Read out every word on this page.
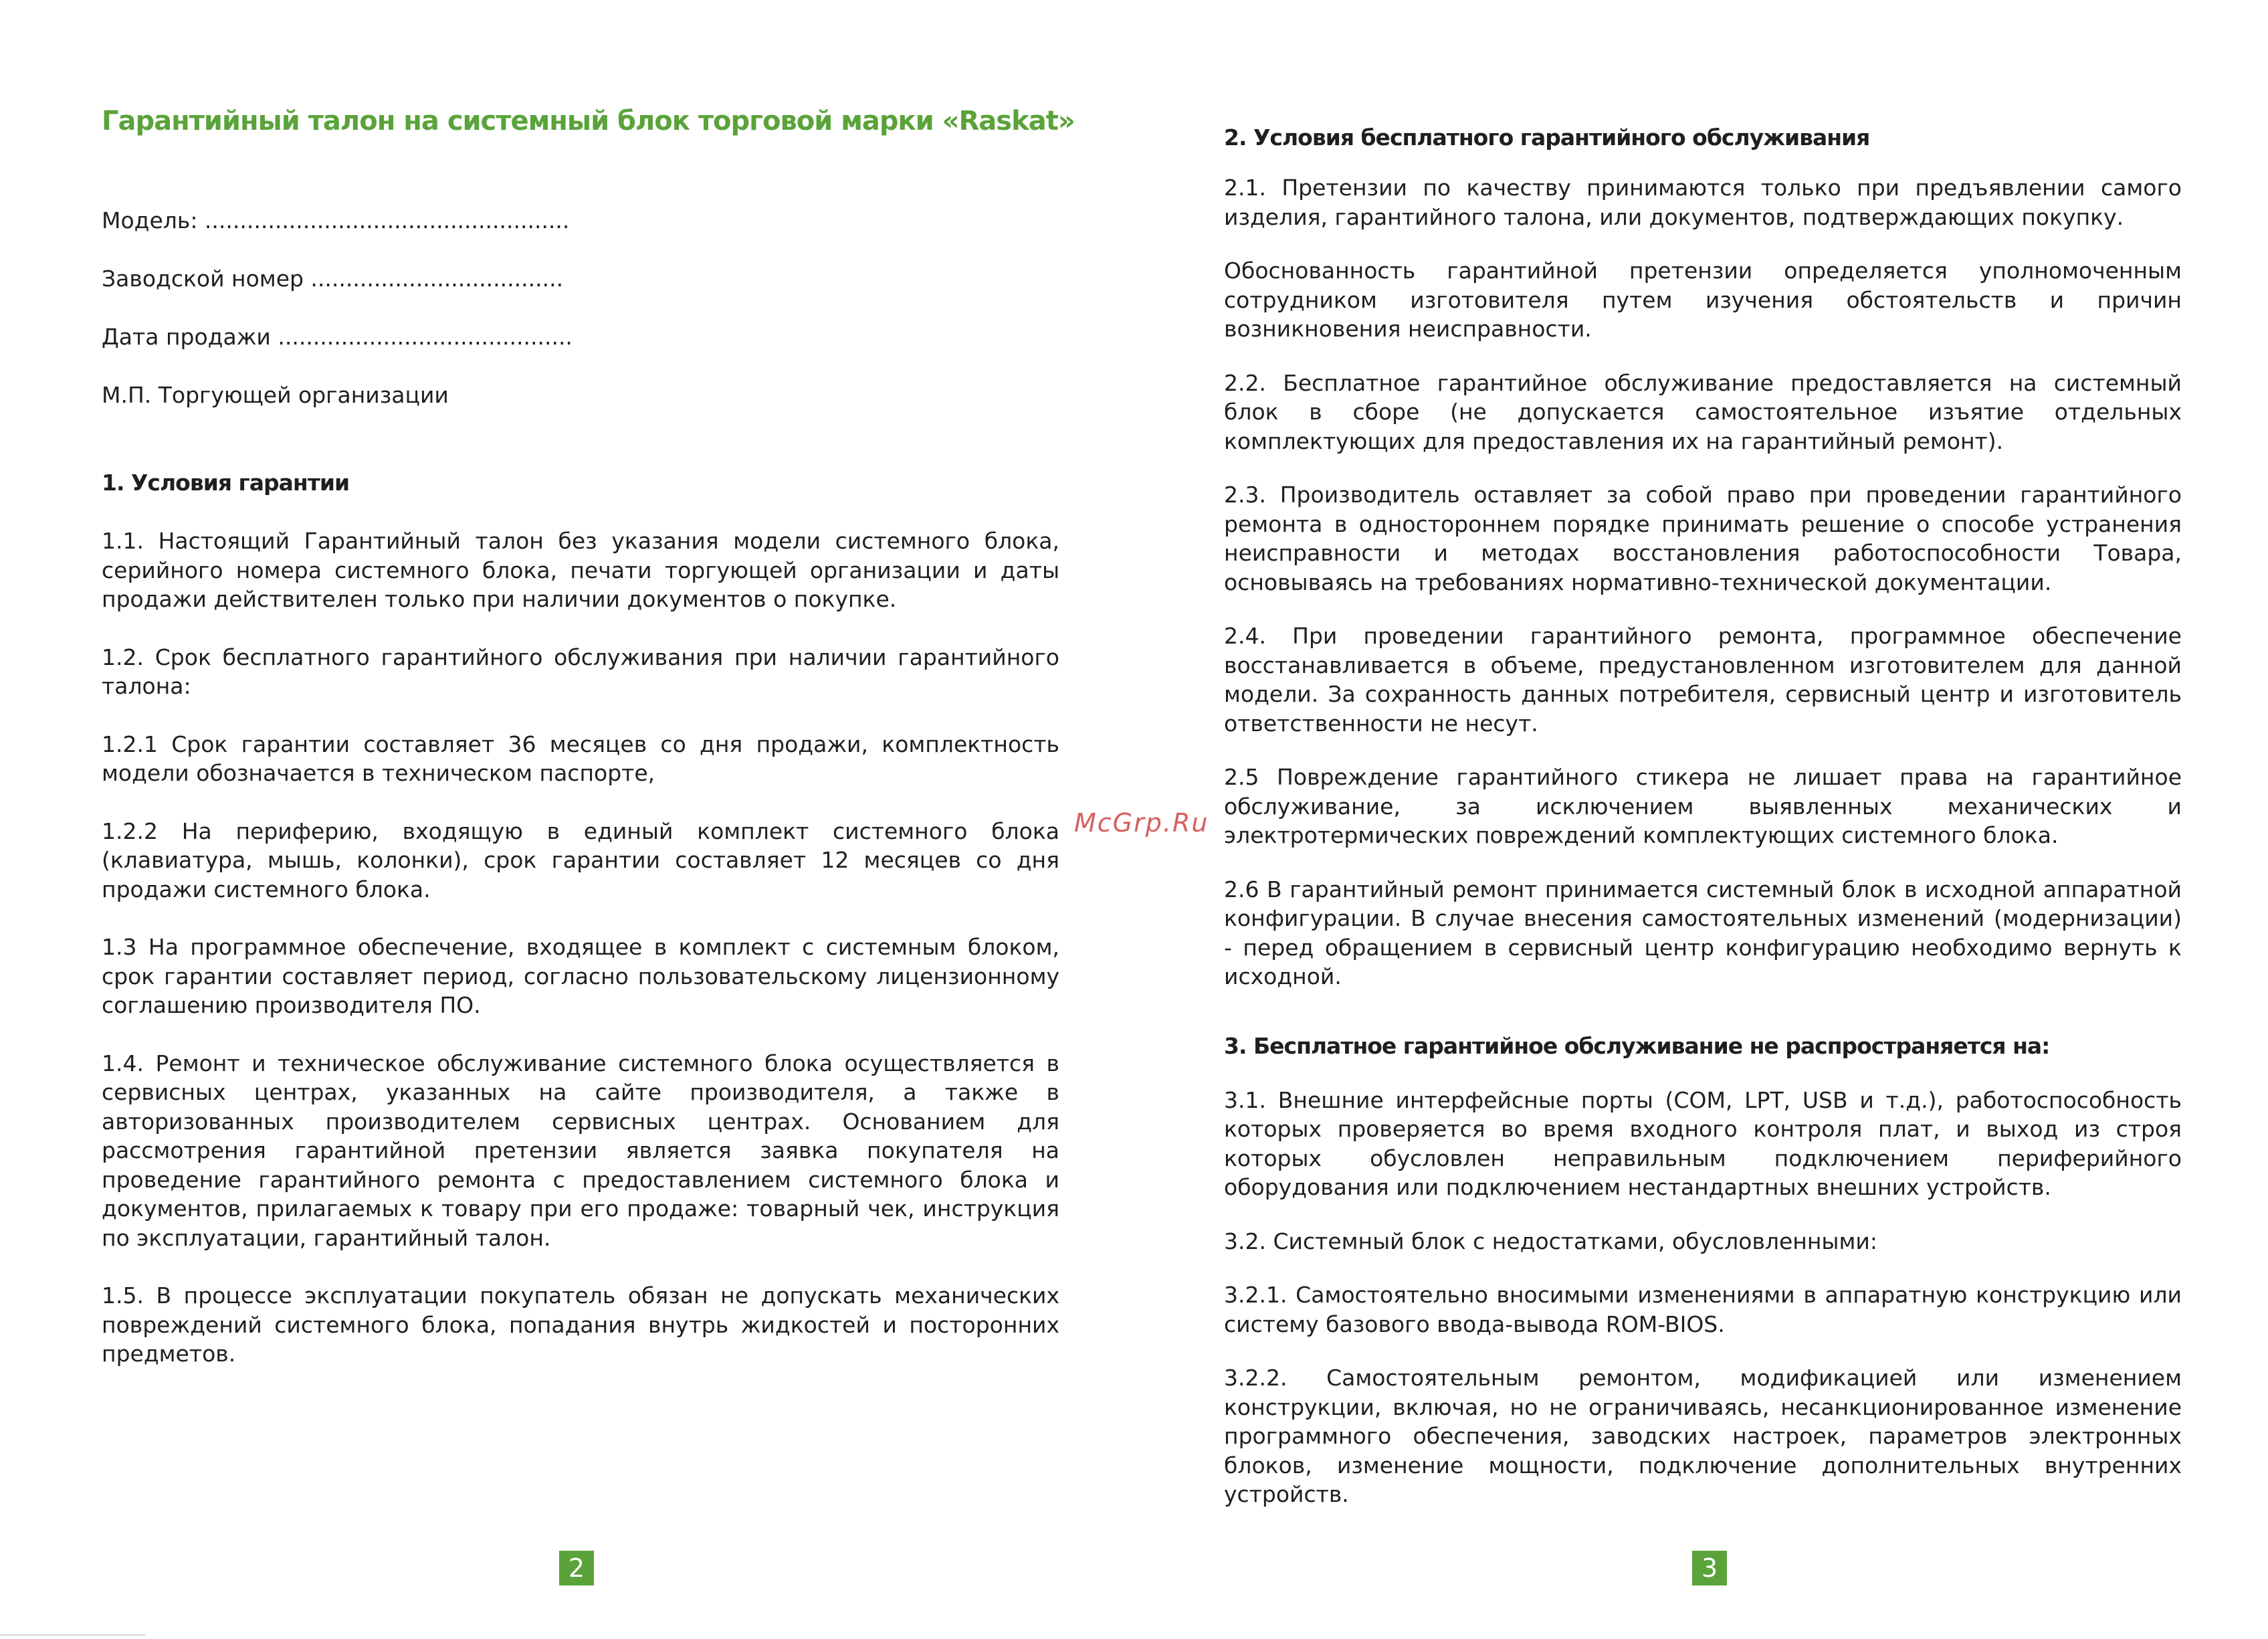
Гарантийный талон на системный блок торговой марки «Raskat»
Модель: ....................................................
Заводской номер ....................................
Дата продажи ..........................................
М.П. Торгующей организации

1. Условия гарантии

1.1. Настоящий Гарантийный талон без указания модели системного блока, серийного номера системного блока, печати торгующей организации и даты продажи действителен только при наличии документов о покупке.

1.2. Срок бесплатного гарантийного обслуживания при наличии гарантийного талона:

1.2.1 Срок гарантии составляет 36 месяцев со дня продажи, комплектность модели обозначается в техническом паспорте,

1.2.2 На периферию, входящую в единый комплект системного блока (клавиатура, мышь, колонки), срок гарантии составляет 12 месяцев со дня продажи системного блока.

1.3 На программное обеспечение, входящее в комплект с системным блоком, срок гарантии составляет период, согласно пользовательскому лицензионному соглашению производителя ПО.

1.4. Ремонт и техническое обслуживание системного блока осуществляется в сервисных центрах, указанных на сайте производителя, а также в авторизованных производителем сервисных центрах. Основанием для рассмотрения гарантийной претензии является заявка покупателя на проведение гарантийного ремонта с предоставлением системного блока и документов, прилагаемых к товару при его продаже: товарный чек, инструкция по эксплуатации, гарантийный талон.

1.5. В процессе эксплуатации покупатель обязан не допускать механических повреждений системного блока, попадания внутрь жидкостей и посторонних предметов.

2
McGrp.Ru

2. Условия бесплатного гарантийного обслуживания

2.1. Претензии по качеству принимаются только при предъявлении самого изделия, гарантийного талона, или документов, подтверждающих покупку.

Обоснованность гарантийной претензии определяется уполномоченным сотрудником изготовителя путем изучения обстоятельств и причин возникновения неисправности.

2.2. Бесплатное гарантийное обслуживание предоставляется на системный блок в сборе (не допускается самостоятельное изъятие отдельных комплектующих для предоставления их на гарантийный ремонт).

2.3. Производитель оставляет за собой право при проведении гарантийного ремонта в одностороннем порядке принимать решение о способе устранения неисправности и методах восстановления работоспособности Товара, основываясь на требованиях нормативно-технической документации.

2.4. При проведении гарантийного ремонта, программное обеспечение восстанавливается в объеме, предустановленном изготовителем для данной модели. За сохранность данных потребителя, сервисный центр и изготовитель ответственности не несут.

2.5 Повреждение гарантийного стикера не лишает права на гарантийное обслуживание, за исключением выявленных механических и электротермических повреждений комплектующих системного блока.

2.6 В гарантийный ремонт принимается системный блок в исходной аппаратной конфигурации. В случае внесения самостоятельных изменений (модернизации) - перед обращением в сервисный центр конфигурацию необходимо вернуть к исходной.

3. Бесплатное гарантийное обслуживание не распространяется на:

3.1. Внешние интерфейсные порты (COM, LPT, USB и т.д.), работоспособность которых проверяется во время входного контроля плат, и выход из строя которых обусловлен неправильным подключением периферийного оборудования или подключением нестандартных внешних устройств.

3.2. Системный блок с недостатками, обусловленными:

3.2.1. Самостоятельно вносимыми изменениями в аппаратную конструкцию или систему базового ввода-вывода ROM-BIOS.

3.2.2. Самостоятельным ремонтом, модификацией или изменением конструкции, включая, но не ограничиваясь, несанкционированное изменение программного обеспечения, заводских настроек, параметров электронных блоков, изменение мощности, подключение дополнительных внутренних устройств.

3
